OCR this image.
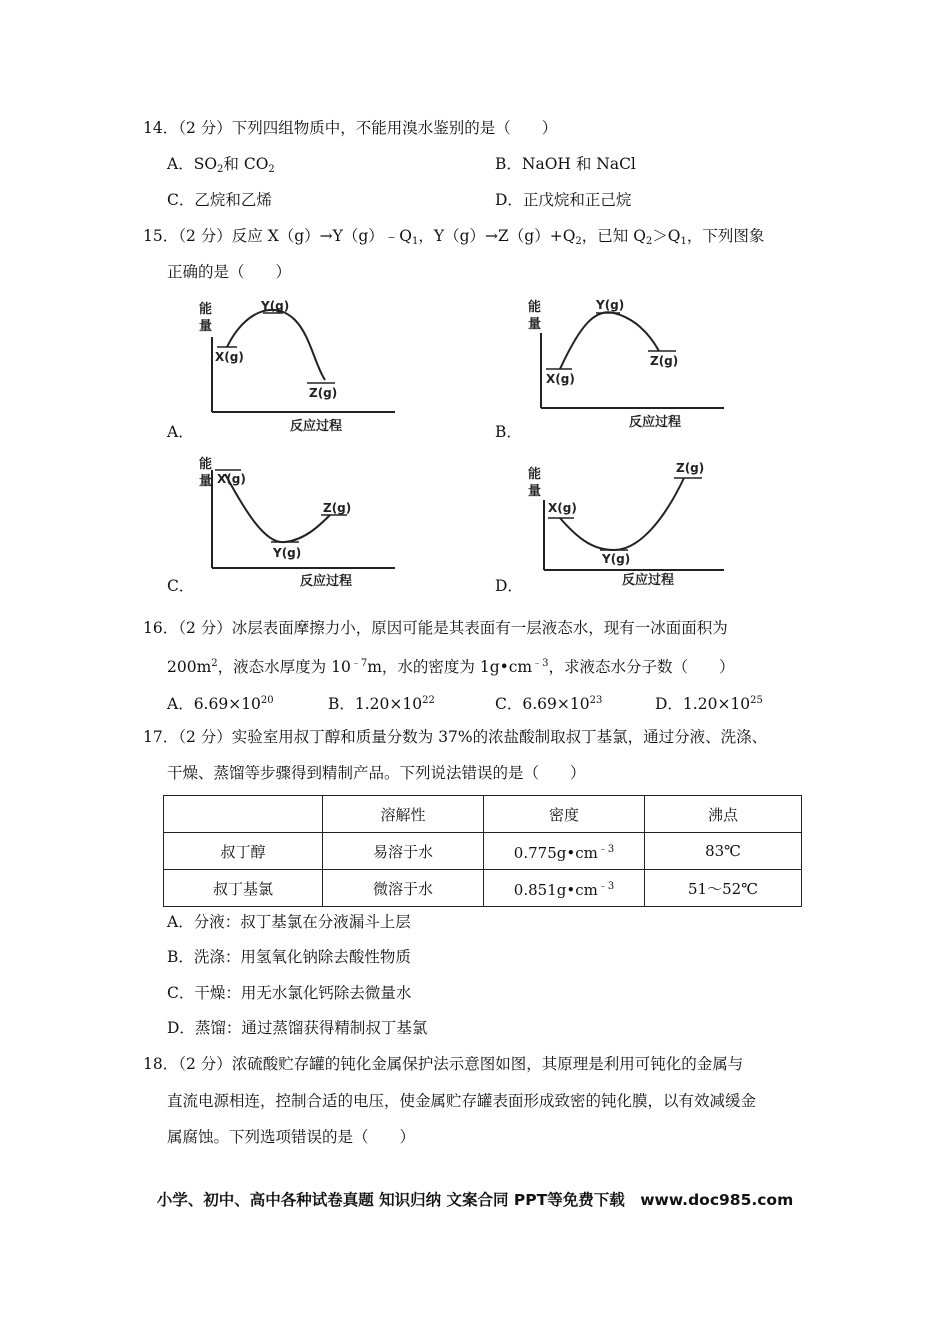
14．（2 分）下列四组物质中，不能用溴水鉴别的是（　　）
A．$SO_2$和 $CO_2$	B．NaOH 和 NaCl
C．乙烷和乙烯	D．正戊烷和正己烷
15．（2 分）反应 $X(g)\to Y(g)﹣Q_1$，$Y(g)\to Z(g)+Q_2$，已知 $Q_2>Q_1$，下列图象
正确的是（　　）
能
量
X(g)
Y(g)
Z(g)
反应过程
A．
能
量
X(g)
Y(g)
Z(g)
反应过程
B．
能
量 X(g)
Y(g)
Z(g)
反应过程
C．
能
量
X(g)
Y(g)
Z(g)
反应过程
D．
16．（2 分）冰层表面摩擦力小，原因可能是其表面有一层液态水，现有一冰面面积为
$200m^2$，液态水厚度为 $10^{﹣7}m$，水的密度为 $1g•cm^{﹣3}$，求液态水分子数（　　）
A．$6.69\times 10^{20}$	B．$1.20\times 10^{22}$	C．$6.69\times 10^{23}$	D．$1.20\times 10^{25}$
17．（2 分）实验室用叔丁醇和质量分数为 37%的浓盐酸制取叔丁基氯，通过分液、洗涤、
干燥、蒸馏等步骤得到精制产品。下列说法错误的是（　　）
	溶解性	密度	沸点
叔丁醇	易溶于水	$0.775g•cm^{﹣3}$	83℃
叔丁基氯	微溶于水	$0.851g•cm^{﹣3}$	51～52℃
A．分液：叔丁基氯在分液漏斗上层
B．洗涤：用氢氧化钠除去酸性物质
C．干燥：用无水氯化钙除去微量水
D．蒸馏：通过蒸馏获得精制叔丁基氯
18．（2 分）浓硫酸贮存罐的钝化金属保护法示意图如图，其原理是利用可钝化的金属与
直流电源相连，控制合适的电压，使金属贮存罐表面形成致密的钝化膜，以有效减缓金
属腐蚀。下列选项错误的是（　　）
小学、初中、高中各种试卷真题 知识归纳 文案合同 PPT等免费下载　www.doc985.com
